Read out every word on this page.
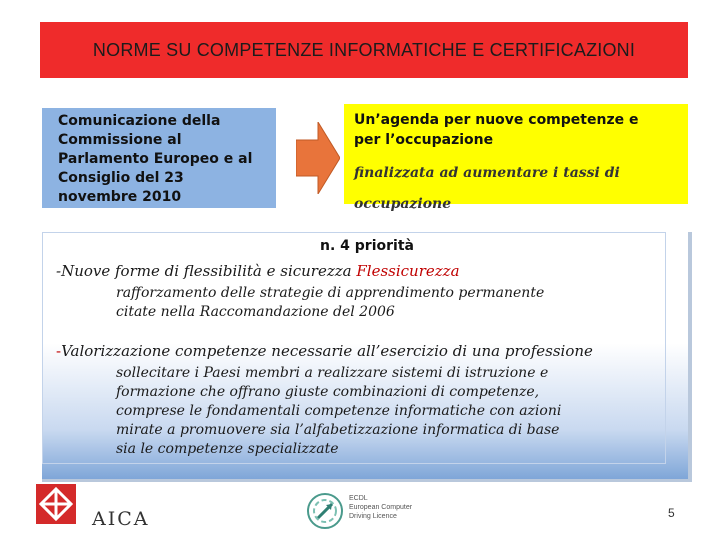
NORME SU COMPETENZE INFORMATICHE E CERTIFICAZIONI
Comunicazione della
Commissione al
Parlamento Europeo e al
Consiglio del 23
novembre 2010
Un’agenda per nuove competenze e
per l’occupazione
finalizzata ad aumentare i tassi di
occupazione
n. 4 priorità
-Nuove forme di flessibilità e sicurezza Flessicurezza
rafforzamento delle strategie di apprendimento permanente
citate nella Raccomandazione del 2006
-Valorizzazione competenze necessarie all’esercizio di una professione
sollecitare i Paesi membri a realizzare sistemi di istruzione e
formazione che offrano giuste combinazioni di competenze,
comprese le fondamentali competenze informatiche con azioni
mirate a promuovere sia l’alfabetizzazione informatica di base
sia le competenze specializzate
AICA
ECDL
European Computer
Driving Licence	5
